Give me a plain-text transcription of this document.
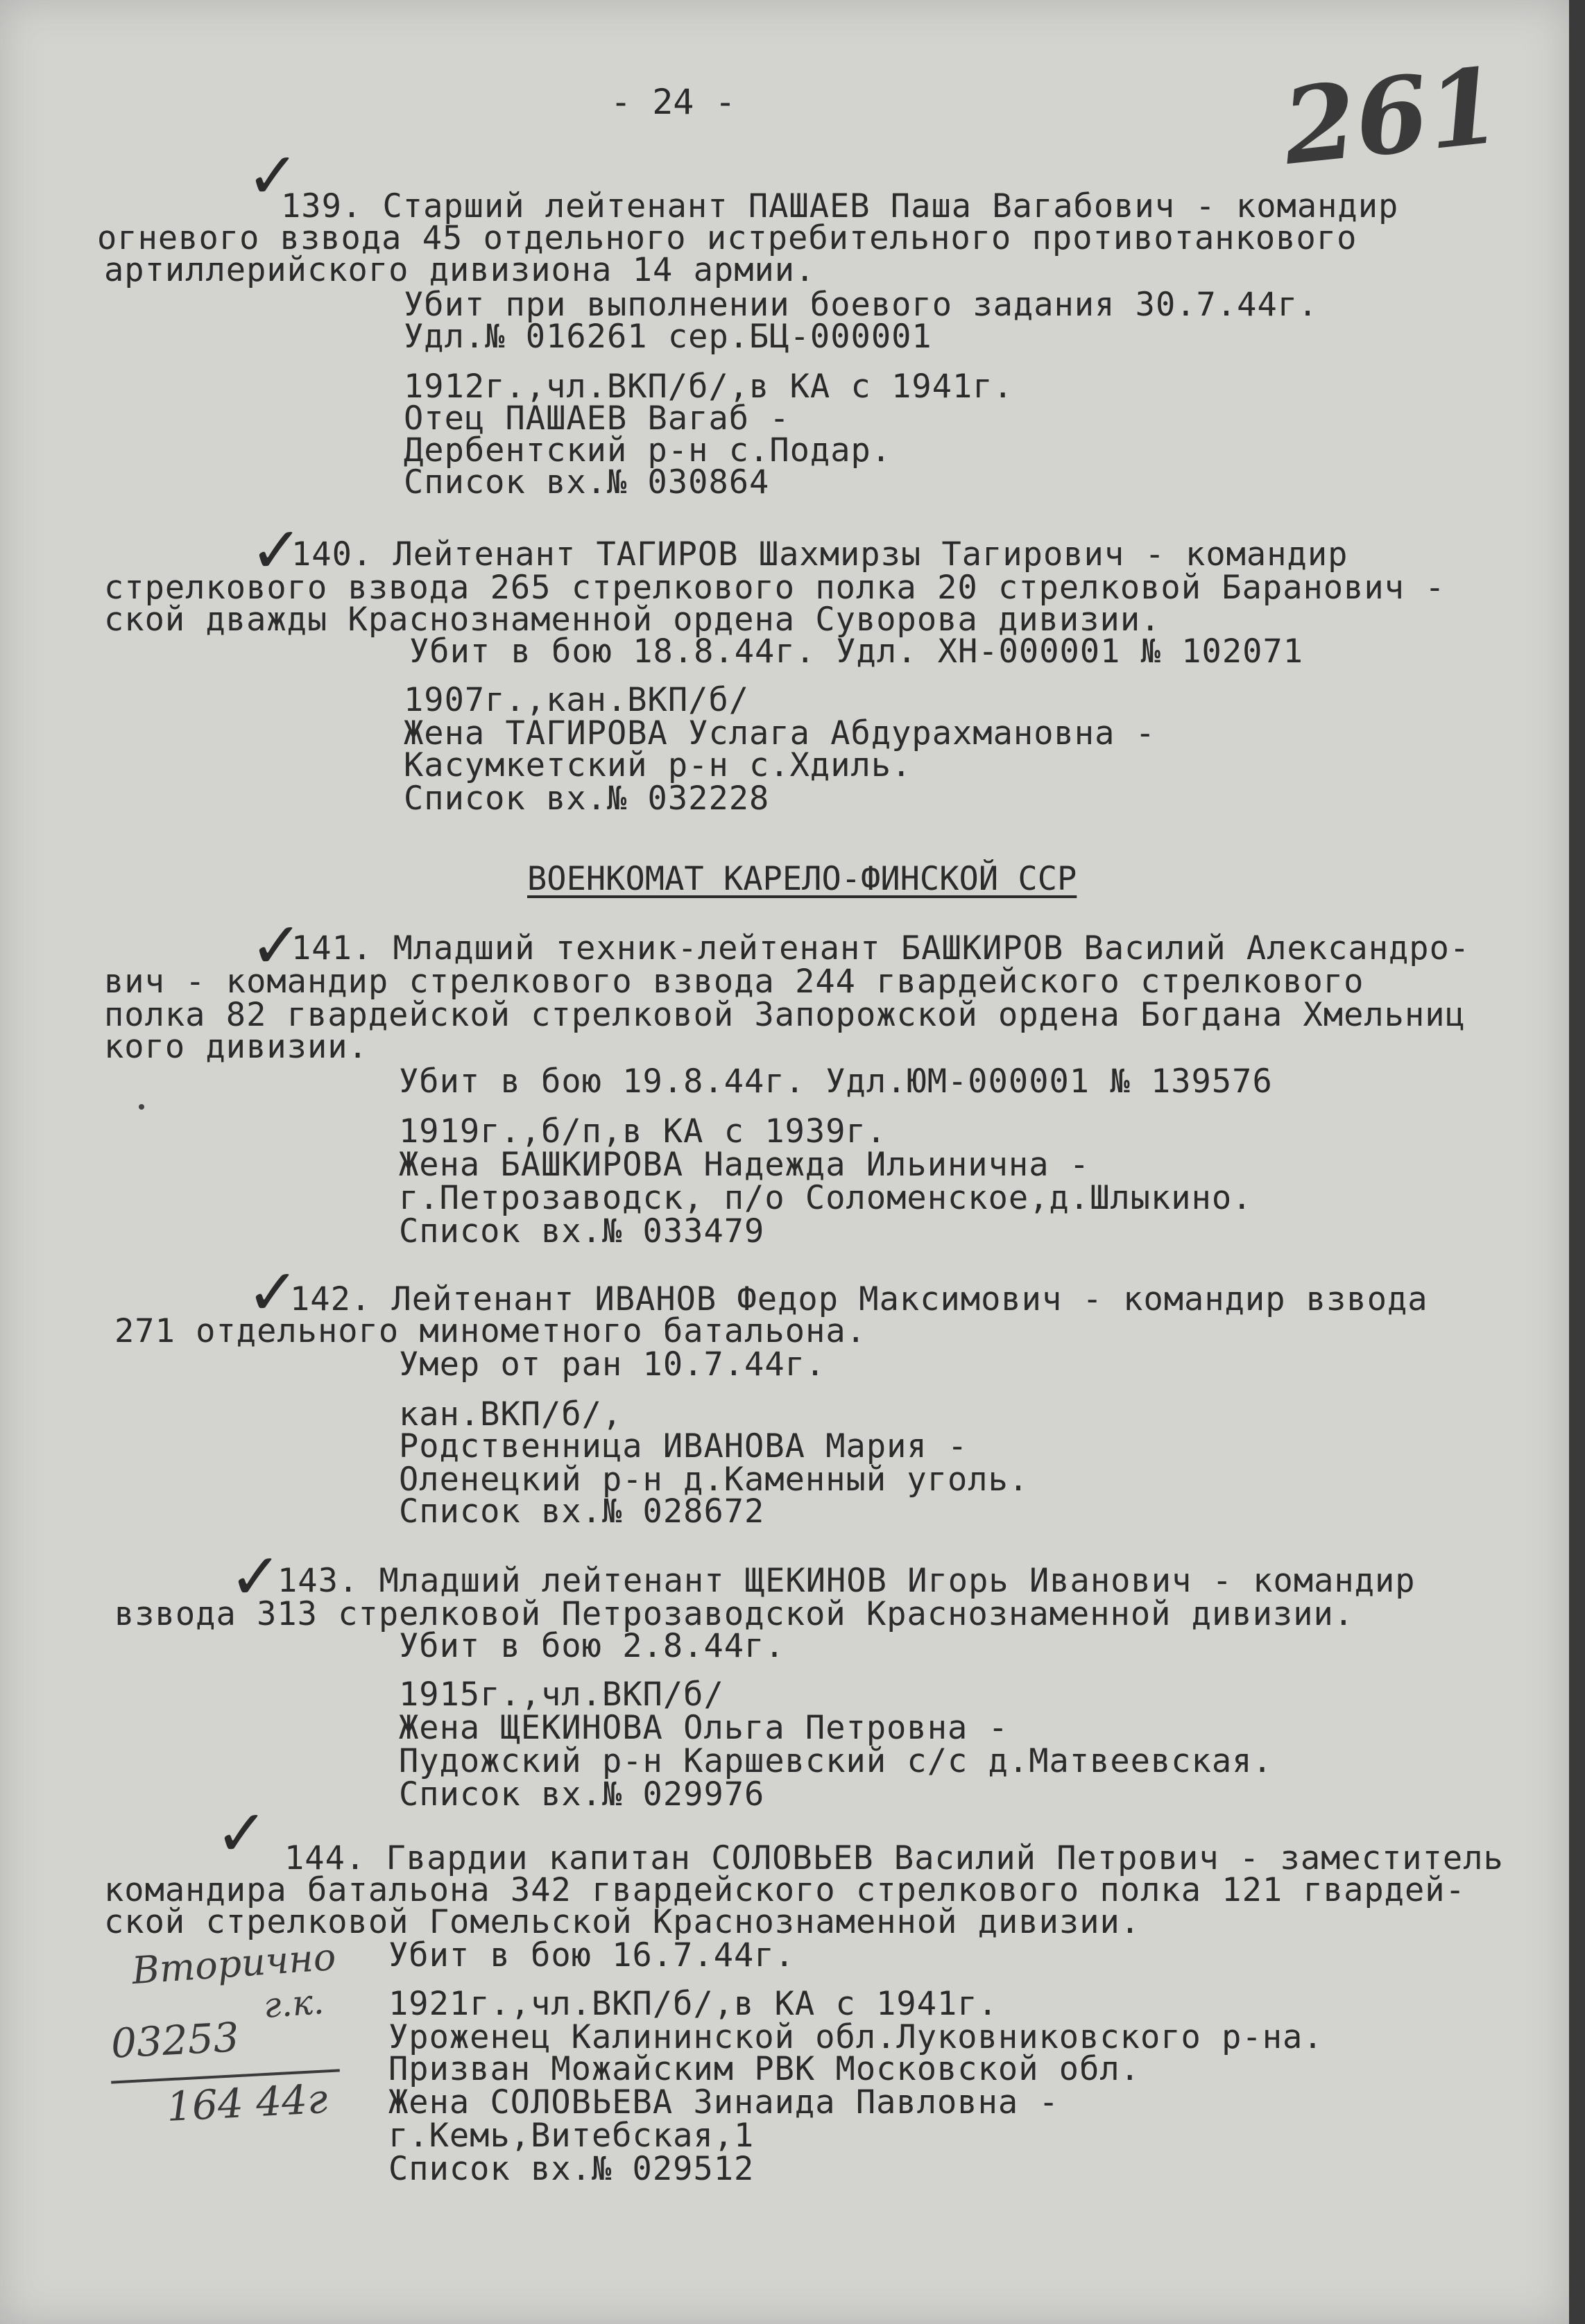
- 24 -	261
✓
139. Старший лейтенант ПАШАЕВ Паша Вагабович - командир
огневого взвода 45 отдельного истребительного противотанкового
артиллерийского дивизиона 14 армии.
Убит при выполнении боевого задания 30.7.44г.
Удл.№ 016261 сер.БЦ-000001
1912г.,чл.ВКП/б/,в КА с 1941г.
Отец ПАШАЕВ Вагаб -
Дербентский р-н с.Подар.
Список вх.№ 030864
✓
140. Лейтенант ТАГИРОВ Шахмирзы Тагирович - командир
стрелкового взвода 265 стрелкового полка 20 стрелковой Баранович -
ской дважды Краснознаменной ордена Суворова дивизии.
Убит в бою 18.8.44г. Удл. ХН-000001 № 102071
1907г.,кан.ВКП/б/
Жена ТАГИРОВА Услага Абдурахмановна -
Касумкетский р-н с.Хдиль.
Список вх.№ 032228
ВОЕНКОМАТ КАРЕЛО-ФИНСКОЙ ССР
✓
141. Младший техник-лейтенант БАШКИРОВ Василий Александро-
вич - командир стрелкового взвода 244 гвардейского стрелкового
полка 82 гвардейской стрелковой Запорожской ордена Богдана Хмельниц
кого дивизии.
Убит в бою 19.8.44г. Удл.ЮМ-000001 № 139576
1919г.,б/п,в КА с 1939г.
Жена БАШКИРОВА Надежда Ильинична -
г.Петрозаводск, п/о Соломенское,д.Шлыкино.
Список вх.№ 033479
✓
142. Лейтенант ИВАНОВ Федор Максимович - командир взвода
271 отдельного минометного батальона.
Умер от ран 10.7.44г.
кан.ВКП/б/,
Родственница ИВАНОВА Мария -
Оленецкий р-н д.Каменный уголь.
Список вх.№ 028672
✓
143. Младший лейтенант ЩЕКИНОВ Игорь Иванович - командир
взвода 313 стрелковой Петрозаводской Краснознаменной дивизии.
Убит в бою 2.8.44г.
1915г.,чл.ВКП/б/
Жена ЩЕКИНОВА Ольга Петровна -
Пудожский р-н Каршевский с/с д.Матвеевская.
Список вх.№ 029976
✓ 144. Гвардии капитан СОЛОВЬЕВ Василий Петрович - заместитель
командира батальона 342 гвардейского стрелкового полка 121 гвардей-
ской стрелковой Гомельской Краснознаменной дивизии.
Убит в бою 16.7.44г.
1921г.,чл.ВКП/б/,в КА с 1941г.
Уроженец Калининской обл.Луковниковского р-на.
Призван Можайским РВК Московской обл.
Жена СОЛОВЬЕВА Зинаида Павловна -
г.Кемь,Витебская,1
Список вх.№ 029512
Вторично
г.к.
03253
164 44г
